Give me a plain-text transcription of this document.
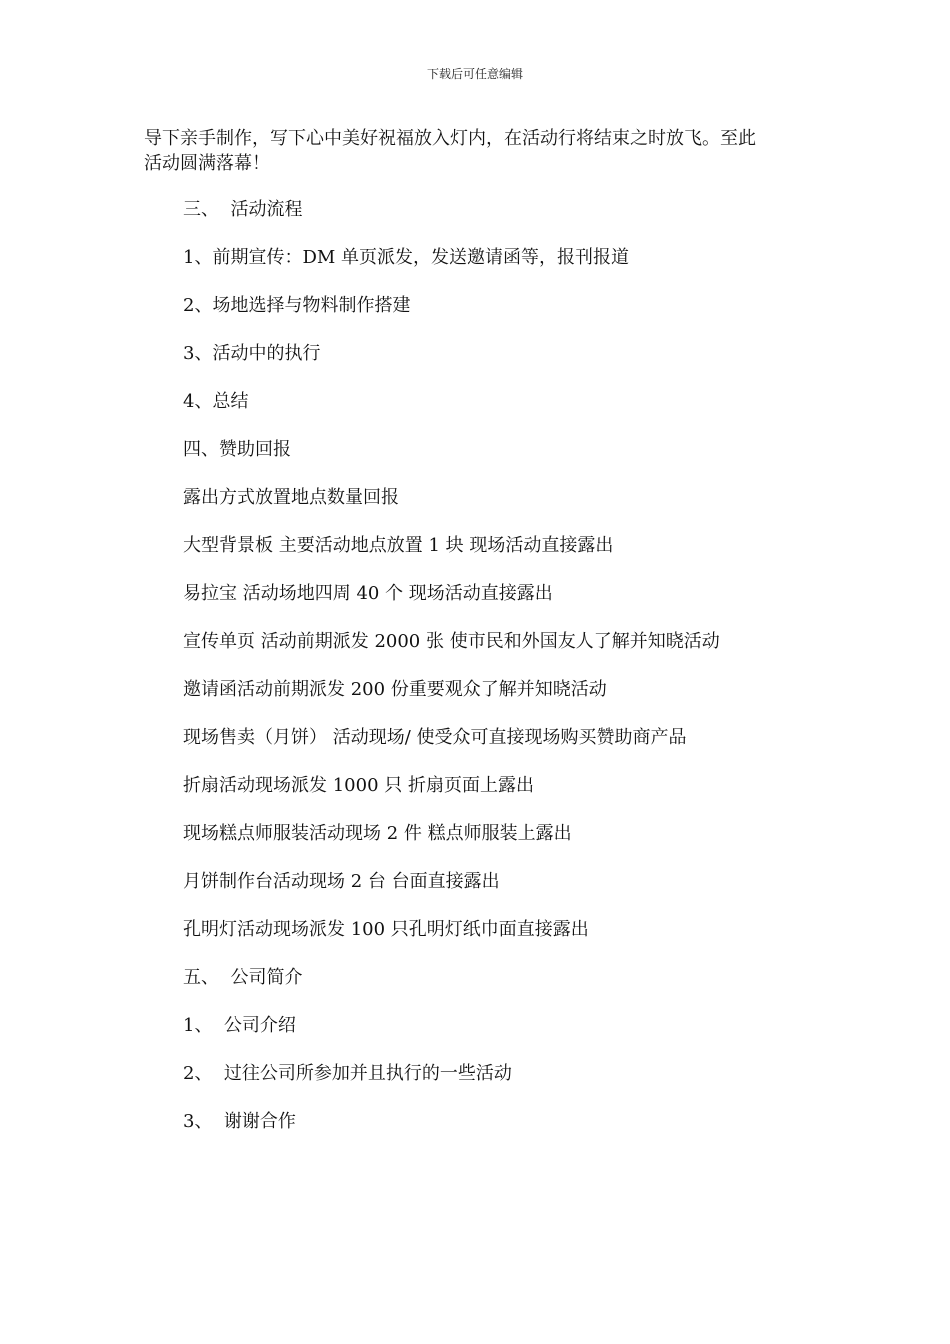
下载后可任意编辑

导下亲手制作，写下心中美好祝福放入灯内，在活动行将结束之时放飞。至此
活动圆满落幕！

三、  活动流程
1、前期宣传：DM 单页派发，发送邀请函等，报刊报道
2、场地选择与物料制作搭建
3、活动中的执行
4、总结
四、赞助回报
露出方式放置地点数量回报
大型背景板 主要活动地点放置 1 块 现场活动直接露出
易拉宝 活动场地四周 40 个 现场活动直接露出
宣传单页 活动前期派发 2000 张 使市民和外国友人了解并知晓活动
邀请函活动前期派发 200 份重要观众了解并知晓活动
现场售卖（月饼） 活动现场/ 使受众可直接现场购买赞助商产品
折扇活动现场派发 1000 只 折扇页面上露出
现场糕点师服装活动现场 2 件 糕点师服装上露出
月饼制作台活动现场 2 台 台面直接露出
孔明灯活动现场派发 100 只孔明灯纸巾面直接露出
五、  公司简介
1、  公司介绍
2、  过往公司所参加并且执行的一些活动
3、  谢谢合作
